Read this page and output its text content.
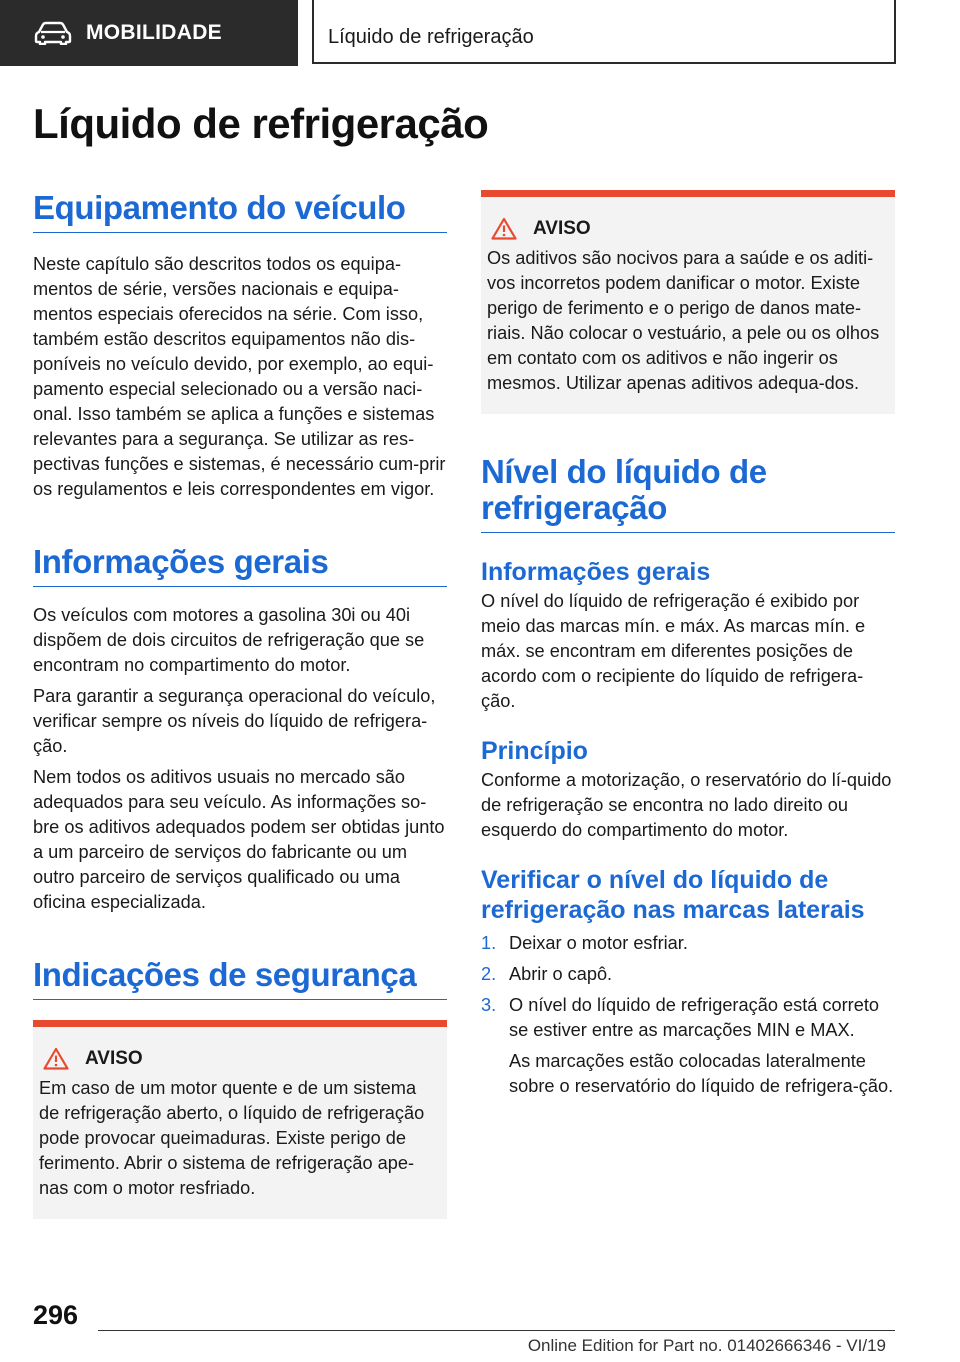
MOBILIDADE	Líquido de refrigeração
Líquido de refrigeração
Equipamento do veículo

Neste capítulo são descritos todos os equipa-mentos de série, versões nacionais e equipa-mentos especiais oferecidos na série. Com isso, também estão descritos equipamentos não dis-poníveis no veículo devido, por exemplo, ao equi-pamento especial selecionado ou a versão naci-onal. Isso também se aplica a funções e sistemas relevantes para a segurança. Se utilizar as res-pectivas funções e sistemas, é necessário cum-prir os regulamentos e leis correspondentes em vigor.

Informações gerais

Os veículos com motores a gasolina 30i ou 40i dispõem de dois circuitos de refrigeração que se encontram no compartimento do motor.

Para garantir a segurança operacional do veículo, verificar sempre os níveis do líquido de refrigera-ção.

Nem todos os aditivos usuais no mercado são adequados para seu veículo. As informações so-bre os aditivos adequados podem ser obtidas junto a um parceiro de serviços do fabricante ou um outro parceiro de serviços qualificado ou uma oficina especializada.

Indicações de segurança
AVISO

Em caso de um motor quente e de um sistema de refrigeração aberto, o líquido de refrigeração pode provocar queimaduras. Existe perigo de ferimento. Abrir o sistema de refrigeração ape-nas com o motor resfriado.

AVISO

Os aditivos são nocivos para a saúde e os aditi-vos incorretos podem danificar o motor. Existe perigo de ferimento e o perigo de danos mate-riais. Não colocar o vestuário, a pele ou os olhos em contato com os aditivos e não ingerir os mesmos. Utilizar apenas aditivos adequa-dos.

Nível do líquido de refrigeração
Informações gerais

O nível do líquido de refrigeração é exibido por meio das marcas mín. e máx. As marcas mín. e máx. se encontram em diferentes posições de acordo com o recipiente do líquido de refrigera-ção.

Princípio

Conforme a motorização, o reservatório do lí-quido de refrigeração se encontra no lado direito ou esquerdo do compartimento do motor.

Verificar o nível do líquido de refrigeração nas marcas laterais
1. Deixar o motor esfriar.
2. Abrir o capô.
3. O nível do líquido de refrigeração está correto se estiver entre as marcações MIN e MAX.

As marcações estão colocadas lateralmente sobre o reservatório do líquido de refrigera-ção.

296
Online Edition for Part no. 01402666346 - VI/19
